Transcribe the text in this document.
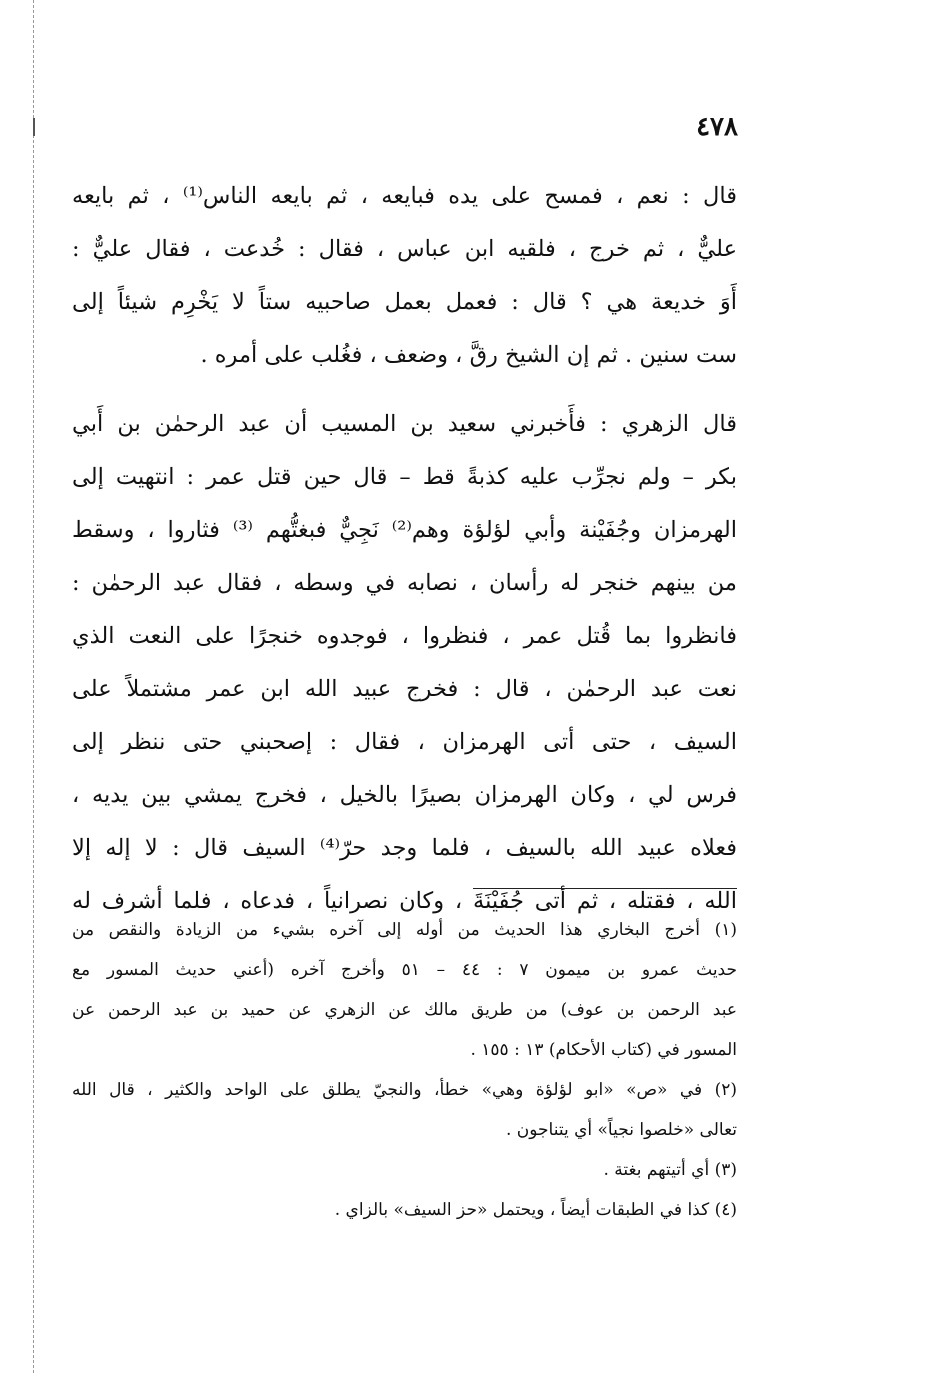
٤٧٨

قال : نعم ، فمسح على يده فبايعه ، ثم بايعه الناس⁽¹⁾ ، ثم بايعه
عليٌّ ، ثم خرج ، فلقيه ابن عباس ، فقال : خُدعت ، فقال عليٌّ :
أَوَ خديعة هي ؟ قال : فعمل بعمل صاحبيه ستاً لا يَخْرِم شيئاً إلى
ست سنين . ثم إن الشيخ رقَّ ، وضعف ، فغُلب على أمره .

قال الزهري : فأَخبرني سعيد بن المسيب أن عبد الرحمٰن بن أَبي
بكر – ولم نجرِّب عليه كذبةً قط – قال حين قتل عمر : انتهيت إلى
الهرمزان وجُفَيْنة وأبي لؤلؤة وهم⁽²⁾ نَجِيٌّ فبغتُّهم ⁽³⁾ فثاروا ، وسقط
من بينهم خنجر له رأسان ، نصابه في وسطه ، فقال عبد الرحمٰن :
فانظروا بما قُتل عمر ، فنظروا ، فوجدوه خنجرًا على النعت الذي
نعت عبد الرحمٰن ، قال : فخرج عبيد الله ابن عمر مشتملاً على
السيف ، حتى أتى الهرمزان ، فقال : إصحبني حتى ننظر إلى
فرس لي ، وكان الهرمزان بصيرًا بالخيل ، فخرج يمشي بين يديه ،
فعلاه عبيد الله بالسيف ، فلما وجد حرّ⁽⁴⁾ السيف قال : لا إله إلا
الله ، فقتله ، ثم أتى جُفَيْنَةَ ، وكان نصرانياً ، فدعاه ، فلما أشرف له

(١) أخرج البخاري هذا الحديث من أوله إلى آخره بشيء من الزيادة والنقص من
حديث عمرو بن ميمون ٧ : ٤٤ – ٥١ وأخرج آخره (أعني حديث المسور مع
عبد الرحمن بن عوف) من طريق مالك عن الزهري عن حميد بن عبد الرحمن عن
المسور في (كتاب الأحكام) ١٣ : ١٥٥ .
(٢) في «ص» «ابو لؤلؤة وهي» خطأ، والنجيّ يطلق على الواحد والكثير ، قال الله
تعالى «خلصوا نجياً» أي يتناجون .
(٣) أي أتيتهم بغتة .
(٤) كذا في الطبقات أيضاً ، ويحتمل «حز السيف» بالزاي .
